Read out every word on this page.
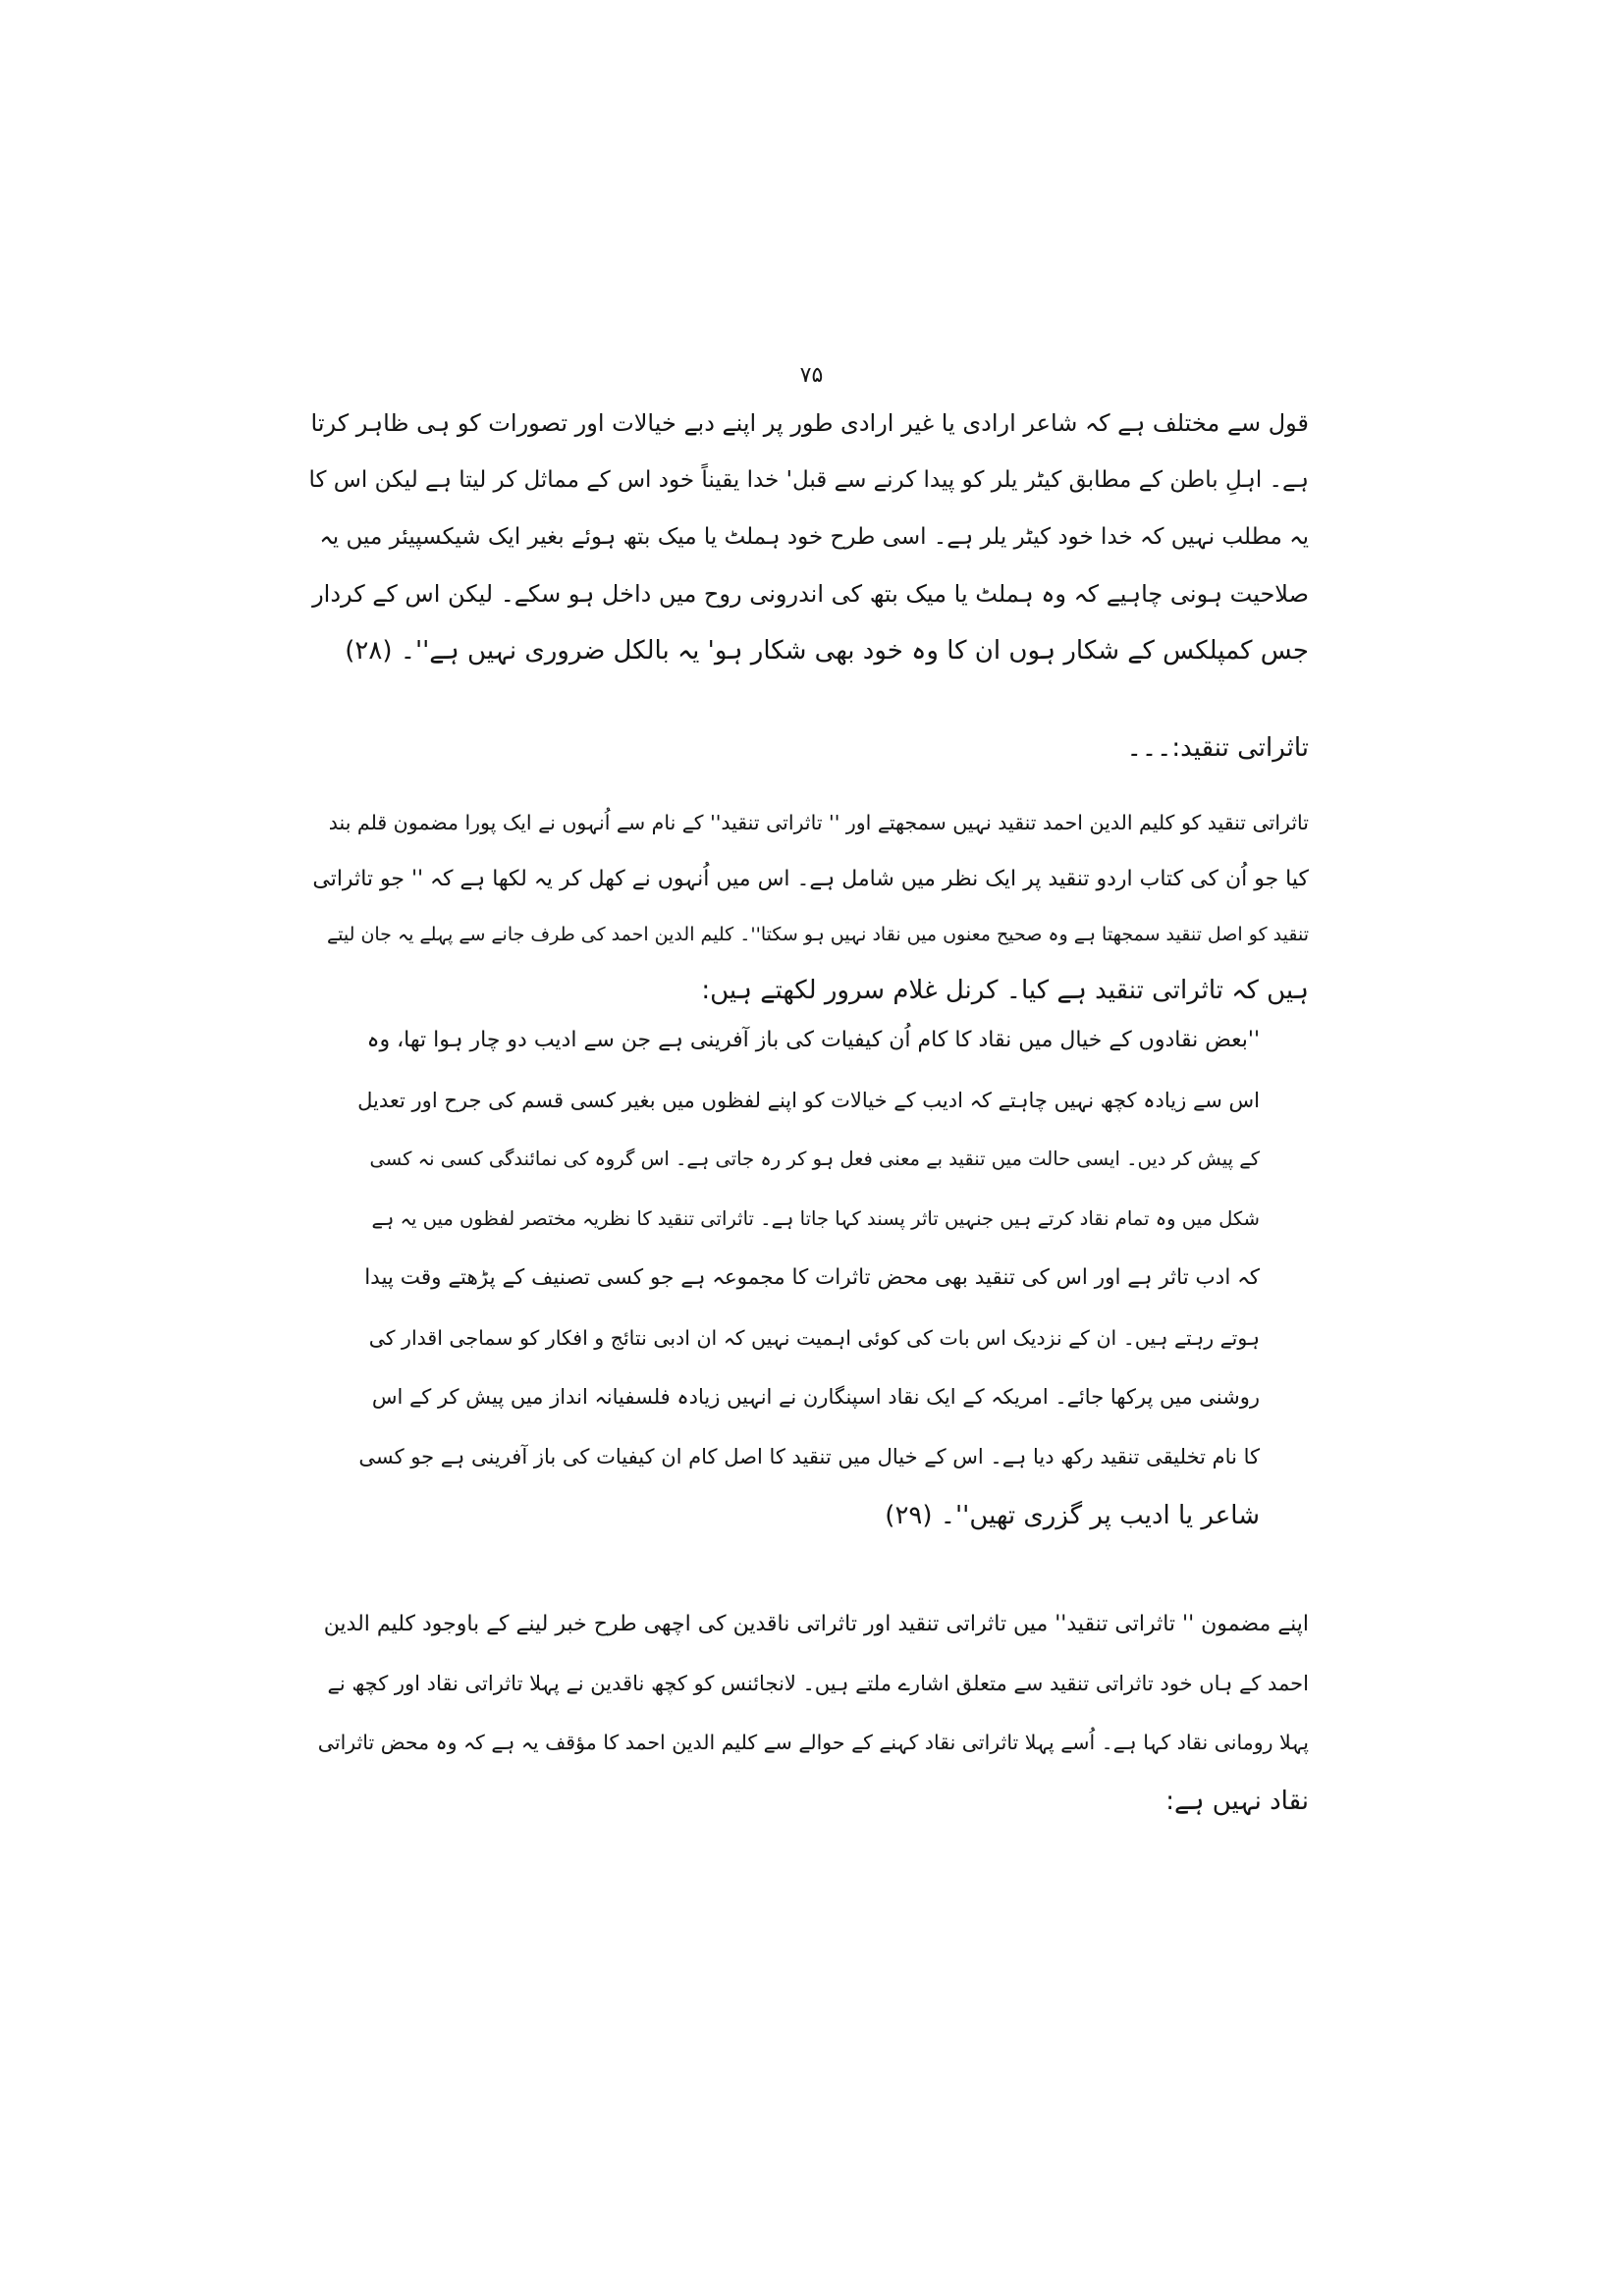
۷۵
قول سے مختلف ہے کہ شاعر ارادی یا غیر ارادی طور پر اپنے دبے خیالات اور تصورات کو ہی ظاہر کرتا
ہے۔ اہلِ باطن کے مطابق کیٹر یلر کو پیدا کرنے سے قبل' خدا یقیناً خود اس کے مماثل کر لیتا ہے لیکن اس کا
یہ مطلب نہیں کہ خدا خود کیٹر یلر ہے۔ اسی طرح خود ہملٹ یا میک بتھ ہوئے بغیر ایک شیکسپیئر میں یہ
صلاحیت ہونی چاہیے کہ وہ ہملٹ یا میک بتھ کی اندرونی روح میں داخل ہو سکے۔ لیکن اس کے کردار
جس کمپلکس کے شکار ہوں ان کا وہ خود بھی شکار ہو' یہ بالکل ضروری نہیں ہے''۔ (۲۸)
تاثراتی تنقید:۔۔۔
تاثراتی تنقید کو کلیم الدین احمد تنقید نہیں سمجھتے اور '' تاثراتی تنقید'' کے نام سے اُنہوں نے ایک پورا مضمون قلم بند
کیا جو اُن کی کتاب اردو تنقید پر ایک نظر میں شامل ہے۔ اس میں اُنہوں نے کھل کر یہ لکھا ہے کہ '' جو تاثراتی
تنقید کو اصل تنقید سمجھتا ہے وہ صحیح معنوں میں نقاد نہیں ہو سکتا''۔ کلیم الدین احمد کی طرف جانے سے پہلے یہ جان لیتے
ہیں کہ تاثراتی تنقید ہے کیا۔ کرنل غلام سرور لکھتے ہیں:
''بعض نقادوں کے خیال میں نقاد کا کام اُن کیفیات کی باز آفرینی ہے جن سے ادیب دو چار ہوا تھا، وہ
اس سے زیادہ کچھ نہیں چاہتے کہ ادیب کے خیالات کو اپنے لفظوں میں بغیر کسی قسم کی جرح اور تعدیل
کے پیش کر دیں۔ ایسی حالت میں تنقید بے معنی فعل ہو کر رہ جاتی ہے۔ اس گروہ کی نمائندگی کسی نہ کسی
شکل میں وہ تمام نقاد کرتے ہیں جنہیں تاثر پسند کہا جاتا ہے۔ تاثراتی تنقید کا نظریہ مختصر لفظوں میں یہ ہے
کہ ادب تاثر ہے اور اس کی تنقید بھی محض تاثرات کا مجموعہ ہے جو کسی تصنیف کے پڑھتے وقت پیدا
ہوتے رہتے ہیں۔ ان کے نزدیک اس بات کی کوئی اہمیت نہیں کہ ان ادبی نتائج و افکار کو سماجی اقدار کی
روشنی میں پرکھا جائے۔ امریکہ کے ایک نقاد اسپنگارن نے انہیں زیادہ فلسفیانہ انداز میں پیش کر کے اس
کا نام تخلیقی تنقید رکھ دیا ہے۔ اس کے خیال میں تنقید کا اصل کام ان کیفیات کی باز آفرینی ہے جو کسی
شاعر یا ادیب پر گزری تھیں''۔ (۲۹)
اپنے مضمون '' تاثراتی تنقید'' میں تاثراتی تنقید اور تاثراتی ناقدین کی اچھی طرح خبر لینے کے باوجود کلیم الدین
احمد کے ہاں خود تاثراتی تنقید سے متعلق اشارے ملتے ہیں۔ لانجائنس کو کچھ ناقدین نے پہلا تاثراتی نقاد اور کچھ نے
پہلا رومانی نقاد کہا ہے۔ اُسے پہلا تاثراتی نقاد کہنے کے حوالے سے کلیم الدین احمد کا مؤقف یہ ہے کہ وہ محض تاثراتی
نقاد نہیں ہے:
